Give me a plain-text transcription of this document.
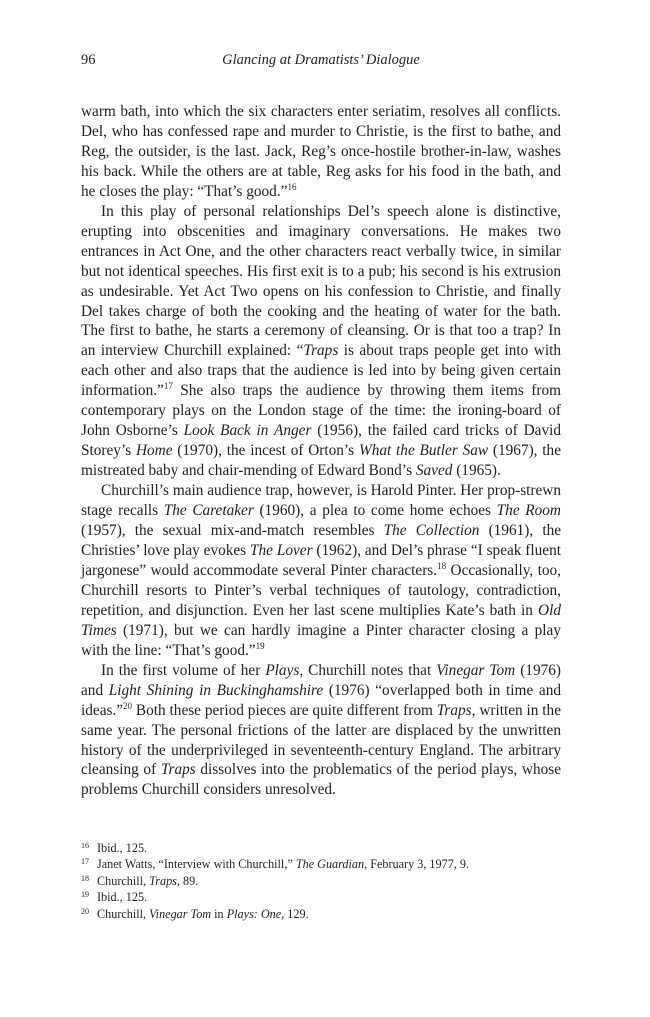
96	Glancing at Dramatists’ Dialogue

warm bath, into which the six characters enter seriatim, resolves all conflicts. Del, who has confessed rape and murder to Christie, is the first to bathe, and Reg, the outsider, is the last. Jack, Reg’s once-hostile brother-in-law, washes his back. While the others are at table, Reg asks for his food in the bath, and he closes the play: “That’s good.”$^{16}$

In this play of personal relationships Del’s speech alone is distinctive, erupting into obscenities and imaginary conversations. He makes two entrances in Act One, and the other characters react verbally twice, in similar but not identical speeches. His first exit is to a pub; his second is his extrusion as undesirable. Yet Act Two opens on his confession to Christie, and finally Del takes charge of both the cooking and the heating of water for the bath. The first to bathe, he starts a ceremony of cleansing. Or is that too a trap? In an interview Churchill explained: “Traps is about traps people get into with each other and also traps that the audience is led into by being given certain information.”$^{17}$ She also traps the audience by throwing them items from contemporary plays on the London stage of the time: the ironing-board of John Osborne’s Look Back in Anger (1956), the failed card tricks of David Storey’s Home (1970), the incest of Orton’s What the Butler Saw (1967), the mistreated baby and chair-mending of Edward Bond’s Saved (1965).

Churchill’s main audience trap, however, is Harold Pinter. Her prop-strewn stage recalls The Caretaker (1960), a plea to come home echoes The Room (1957), the sexual mix-and-match resembles The Collection (1961), the Christies’ love play evokes The Lover (1962), and Del’s phrase “I speak fluent jargonese” would accommodate several Pinter characters.$^{18}$ Occasionally, too, Churchill resorts to Pinter’s verbal techniques of tautology, contradiction, repetition, and disjunction. Even her last scene multiplies Kate’s bath in Old Times (1971), but we can hardly imagine a Pinter character closing a play with the line: “That’s good.”$^{19}$

In the first volume of her Plays, Churchill notes that Vinegar Tom (1976) and Light Shining in Buckinghamshire (1976) “overlapped both in time and ideas.”$^{20}$ Both these period pieces are quite different from Traps, written in the same year. The personal frictions of the latter are displaced by the unwritten history of the underprivileged in seventeenth-century England. The arbitrary cleansing of Traps dissolves into the problematics of the period plays, whose problems Churchill considers unresolved.

16 Ibid., 125.
17 Janet Watts, “Interview with Churchill,” The Guardian, February 3, 1977, 9.
18 Churchill, Traps, 89.
19 Ibid., 125.
20 Churchill, Vinegar Tom in Plays: One, 129.
